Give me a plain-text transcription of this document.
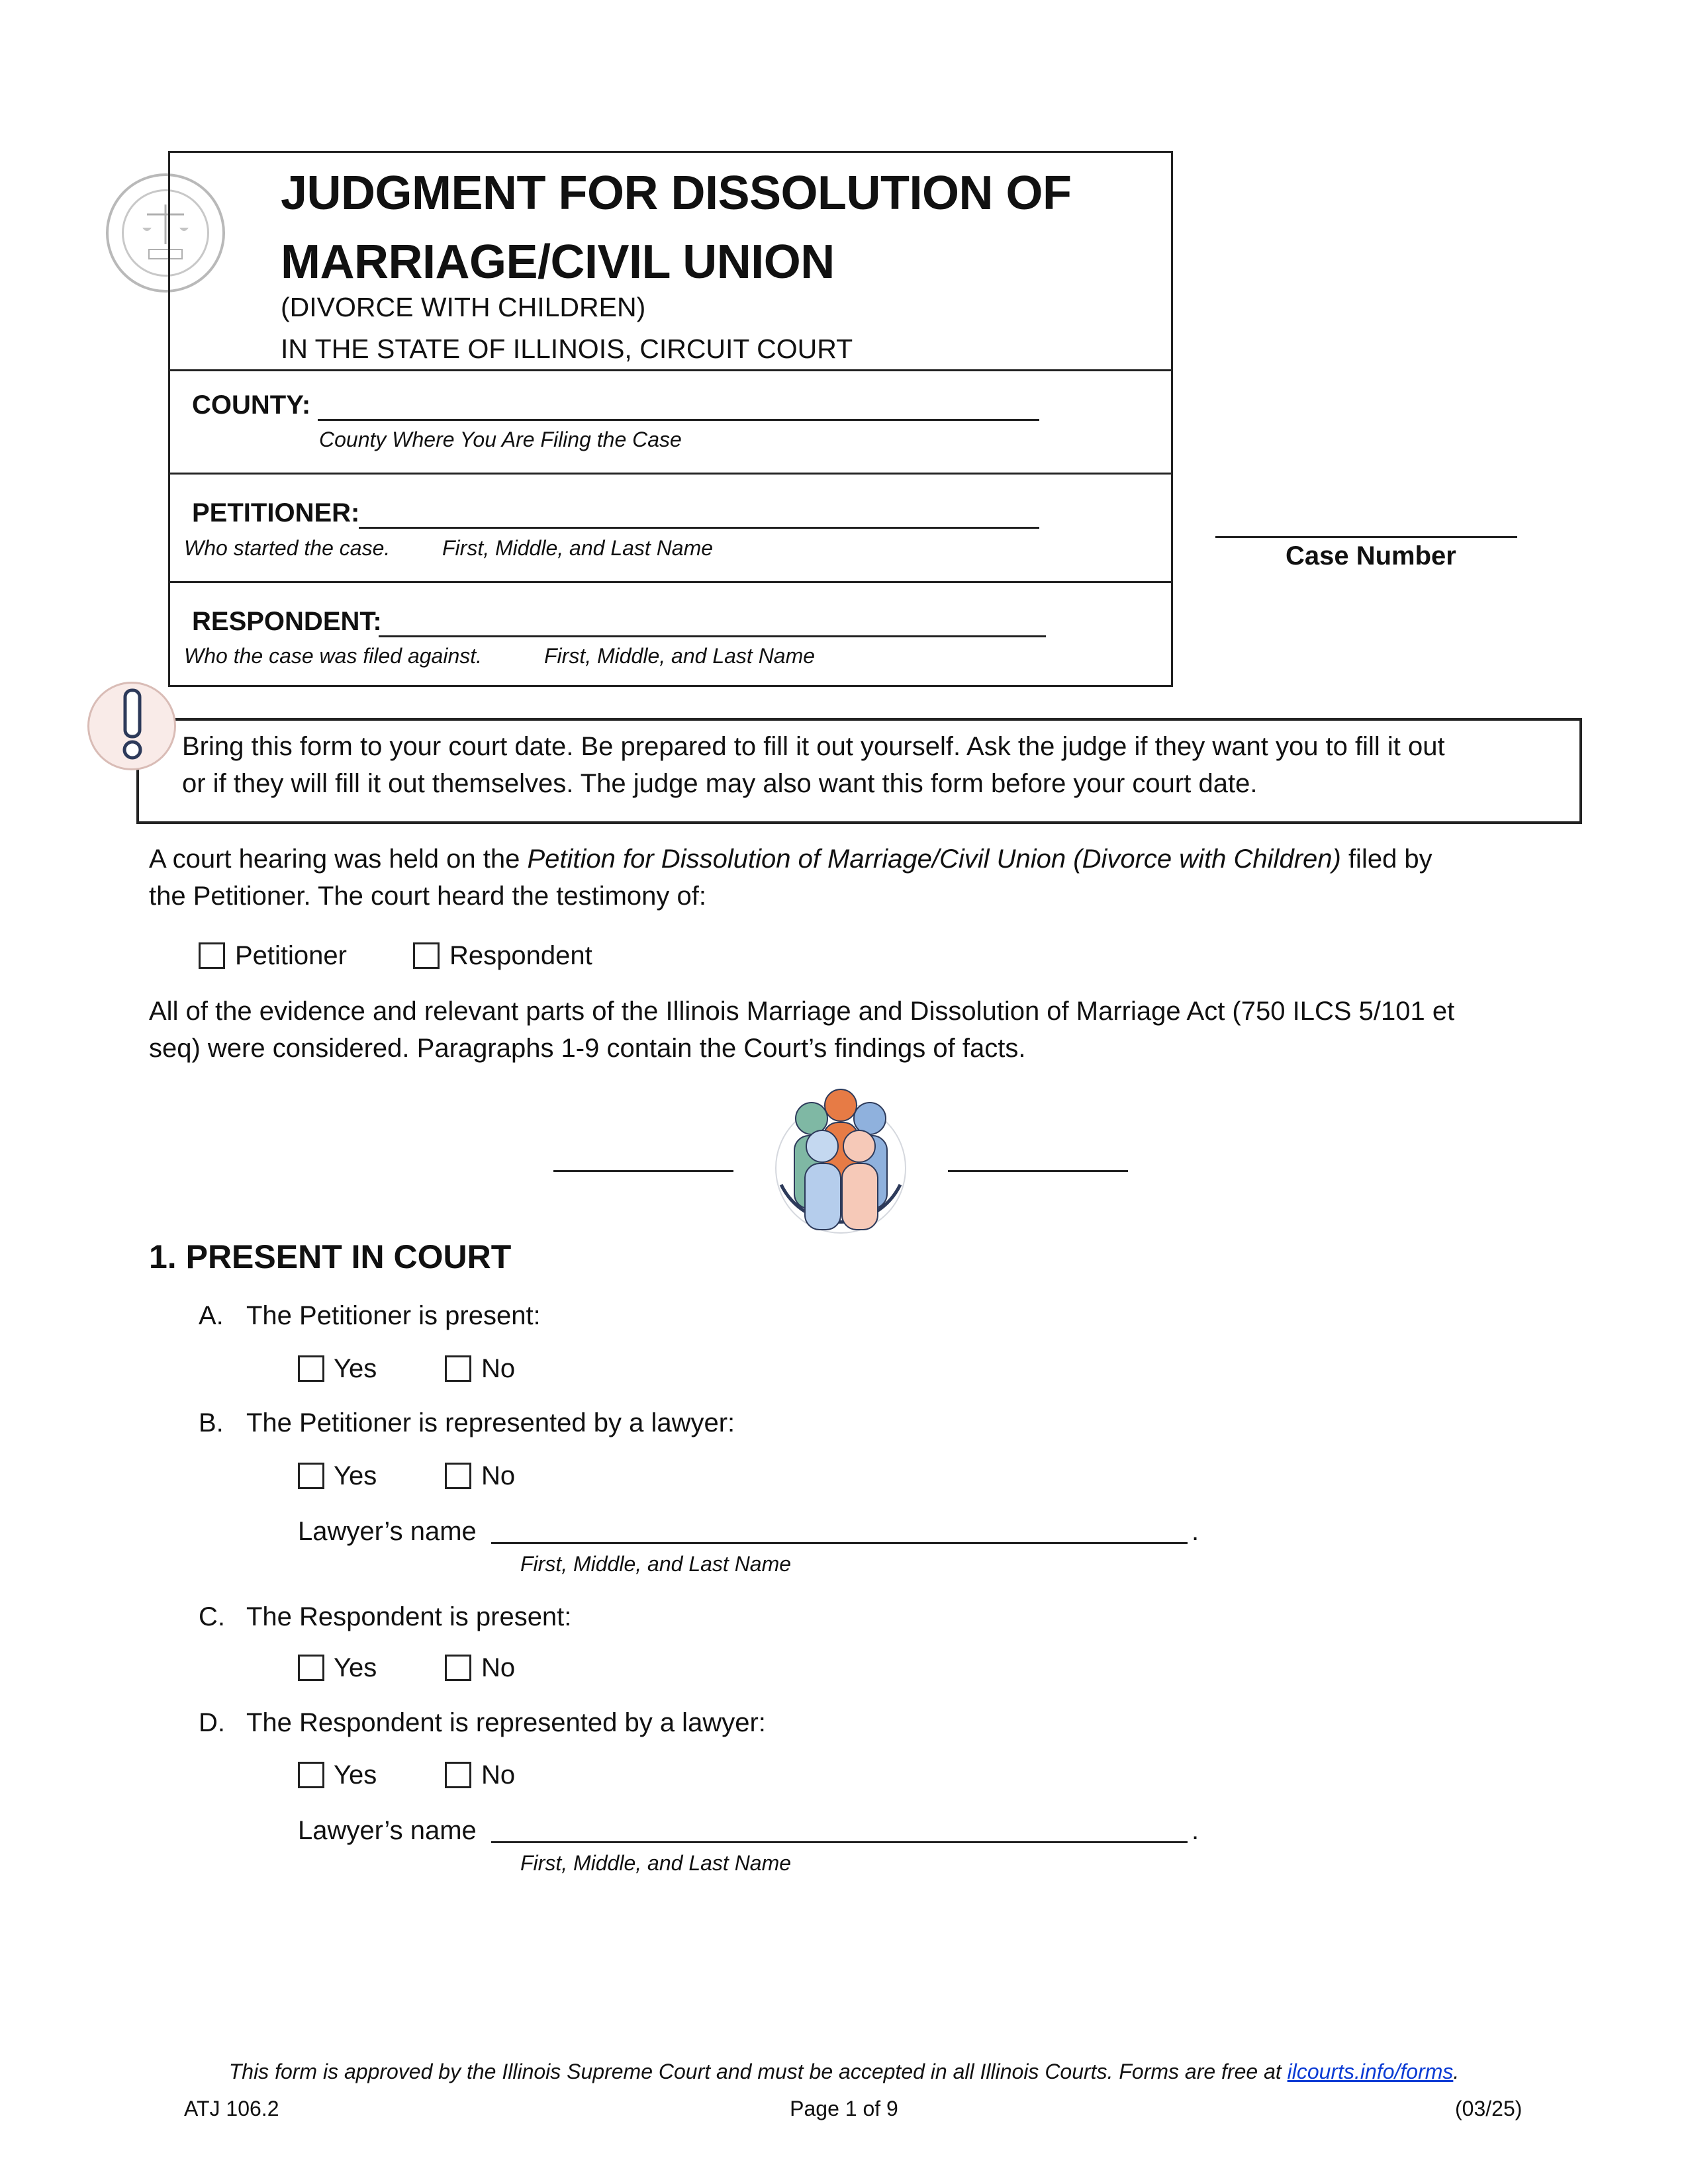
JUDGMENT FOR DISSOLUTION OF
MARRIAGE/CIVIL UNION
(DIVORCE WITH CHILDREN)
IN THE STATE OF ILLINOIS, CIRCUIT COURT
COUNTY:
County Where You Are Filing the Case
PETITIONER:
Who started the case. First, Middle, and Last Name
RESPONDENT:
Who the case was filed against.	First, Middle, and Last Name
Case Number
Bring this form to your court date. Be prepared to fill it out yourself. Ask the judge if they want you to fill it out
or if they will fill it out themselves. The judge may also want this form before your court date.
A court hearing was held on the Petition for Dissolution of Marriage/Civil Union (Divorce with Children) filed by
the Petitioner. The court heard the testimony of:
Petitioner	Respondent
All of the evidence and relevant parts of the Illinois Marriage and Dissolution of Marriage Act (750 ILCS 5/101 et
seq) were considered. Paragraphs 1-9 contain the Court’s findings of facts.
1. PRESENT IN COURT
A. The Petitioner is present:
Yes	No
B. The Petitioner is represented by a lawyer:
Yes	No
Lawyer’s name	.
First, Middle, and Last Name
C. The Respondent is present:
Yes	No
D. The Respondent is represented by a lawyer:
Yes	No
Lawyer’s name	.
First, Middle, and Last Name
This form is approved by the Illinois Supreme Court and must be accepted in all Illinois Courts. Forms are free at ilcourts.info/forms.
ATJ 106.2	Page 1 of 9	(03/25)
